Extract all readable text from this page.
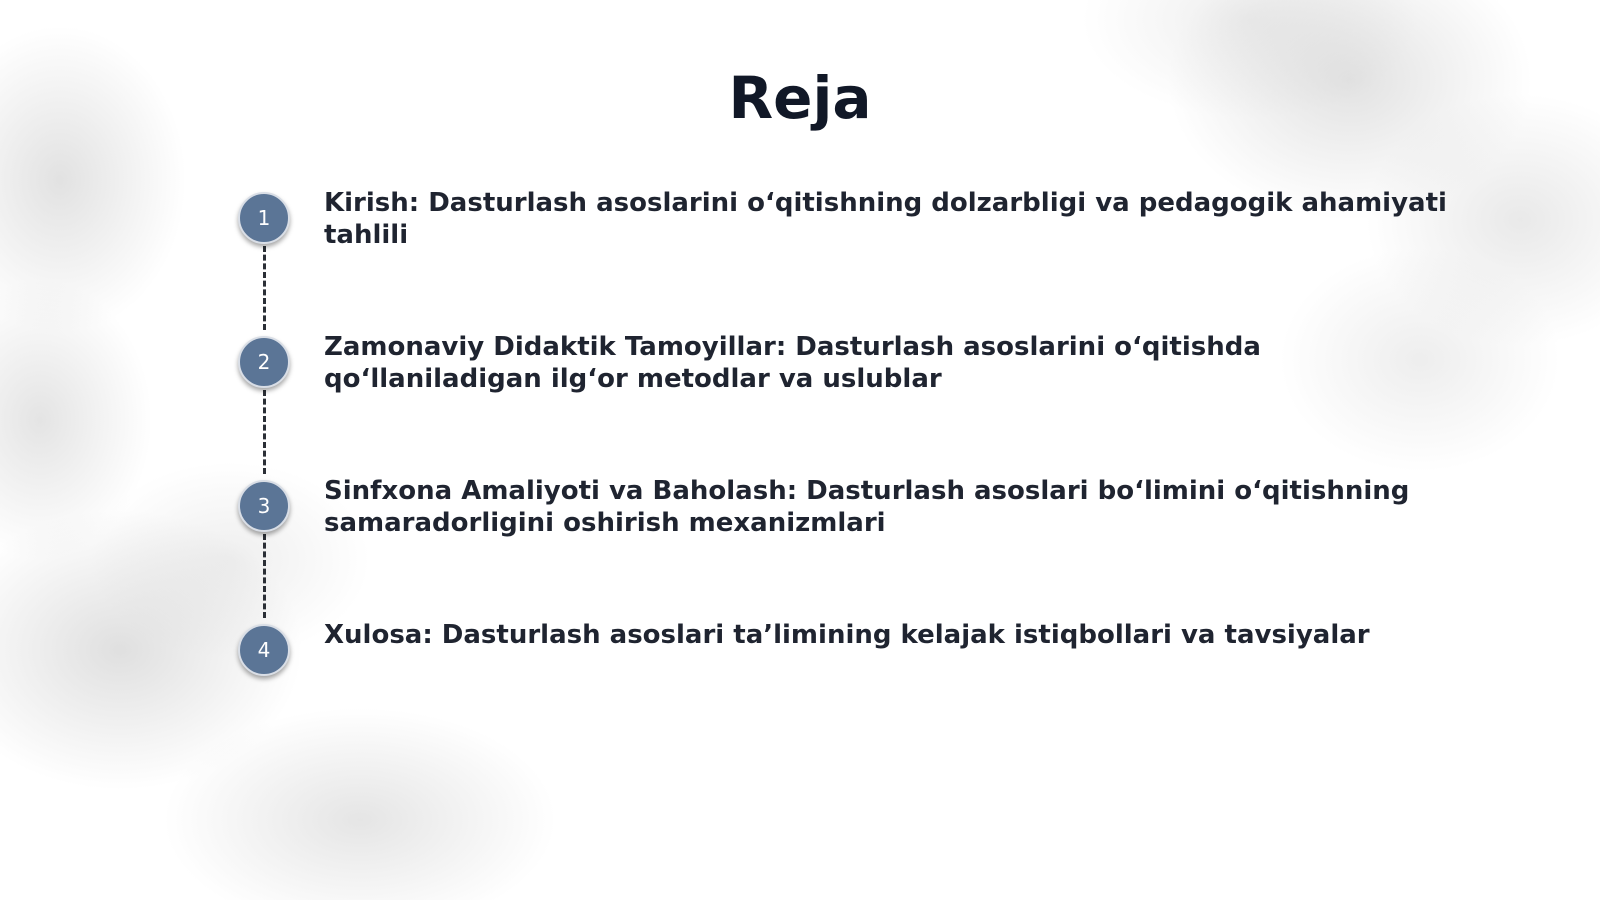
Reja
1	Kirish: Dasturlash asoslarini o‘qitishning dolzarbligi va pedagogik ahamiyati tahlili
2	Zamonaviy Didaktik Tamoyillar: Dasturlash asoslarini o‘qitishda qo‘llaniladigan ilg‘or metodlar va uslublar
3	Sinfxona Amaliyoti va Baholash: Dasturlash asoslari bo‘limini o‘qitishning samaradorligini oshirish mexanizmlari
4	Xulosa: Dasturlash asoslari ta’limining kelajak istiqbollari va tavsiyalar
